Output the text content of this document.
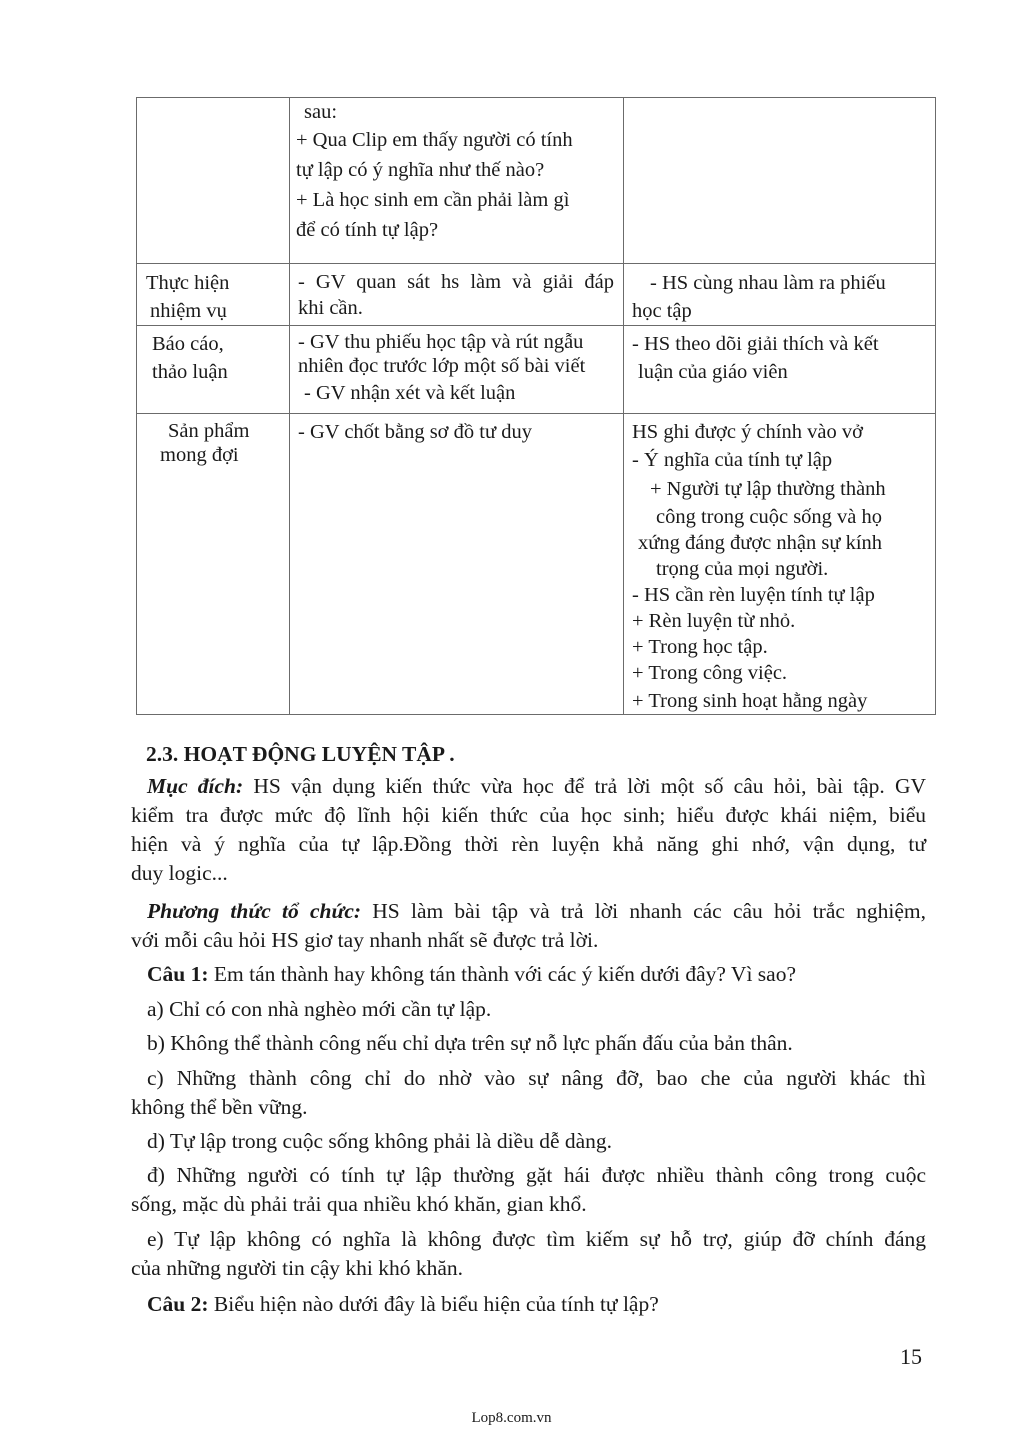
sau:
+ Qua Clip em thấy người có tính
tự lập có ý nghĩa như thế nào?
+ Là học sinh em cần phải làm gì
để có tính tự lập?
Thực hiện
nhiệm vụ
- GV quan sát hs làm và giải đáp
khi cần.
- HS cùng nhau làm ra phiếu
học tập
Báo cáo,
thảo luận
- GV thu phiếu học tập và rút ngẫu
nhiên đọc trước lớp một số bài viết
- GV nhận xét và kết luận
- HS theo dõi giải thích và kết
luận của giáo viên
Sản phẩm
mong đợi
- GV chốt bằng sơ đồ tư duy	HS ghi được ý chính vào vở
- Ý nghĩa của tính tự lập
+ Người tự lập thường thành
công trong cuộc sống và họ
xứng đáng được nhận sự kính
trọng của mọi người.
- HS cần rèn luyện tính tự lập
+ Rèn luyện từ nhỏ.
+ Trong học tập.
+ Trong công việc.
+ Trong sinh hoạt hằng ngày
2.3. HOẠT ĐỘNG LUYỆN TẬP .
Mục đích: HS vận dụng kiến thức vừa học để trả lời một số câu hỏi, bài tập. GV
kiểm tra được mức độ lĩnh hội kiến thức của học sinh; hiểu được khái niệm, biểu
hiện và ý nghĩa của tự lập.Đồng thời rèn luyện khả năng ghi nhớ, vận dụng, tư
duy logic...
Phương thức tổ chức: HS làm bài tập và trả lời nhanh các câu hỏi trắc nghiệm,
với mỗi câu hỏi HS giơ tay nhanh nhất sẽ được trả lời.
Câu 1: Em tán thành hay không tán thành với các ý kiến dưới đây? Vì sao?
a) Chỉ có con nhà nghèo mới cần tự lập.
b) Không thể thành công nếu chỉ dựa trên sự nỗ lực phấn đấu của bản thân.
c) Những thành công chỉ do nhờ vào sự nâng đỡ, bao che của người khác thì
không thể bền vững.
d) Tự lập trong cuộc sống không phải là diều dễ dàng.
đ) Những người có tính tự lập thường gặt hái được nhiều thành công trong cuộc
sống, mặc dù phải trải qua nhiều khó khăn, gian khổ.
e) Tự lập không có nghĩa là không được tìm kiếm sự hỗ trợ, giúp đỡ chính đáng
của những người tin cậy khi khó khăn.
Câu 2: Biểu hiện nào dưới đây là biểu hiện của tính tự lập?
15
Lop8.com.vn
